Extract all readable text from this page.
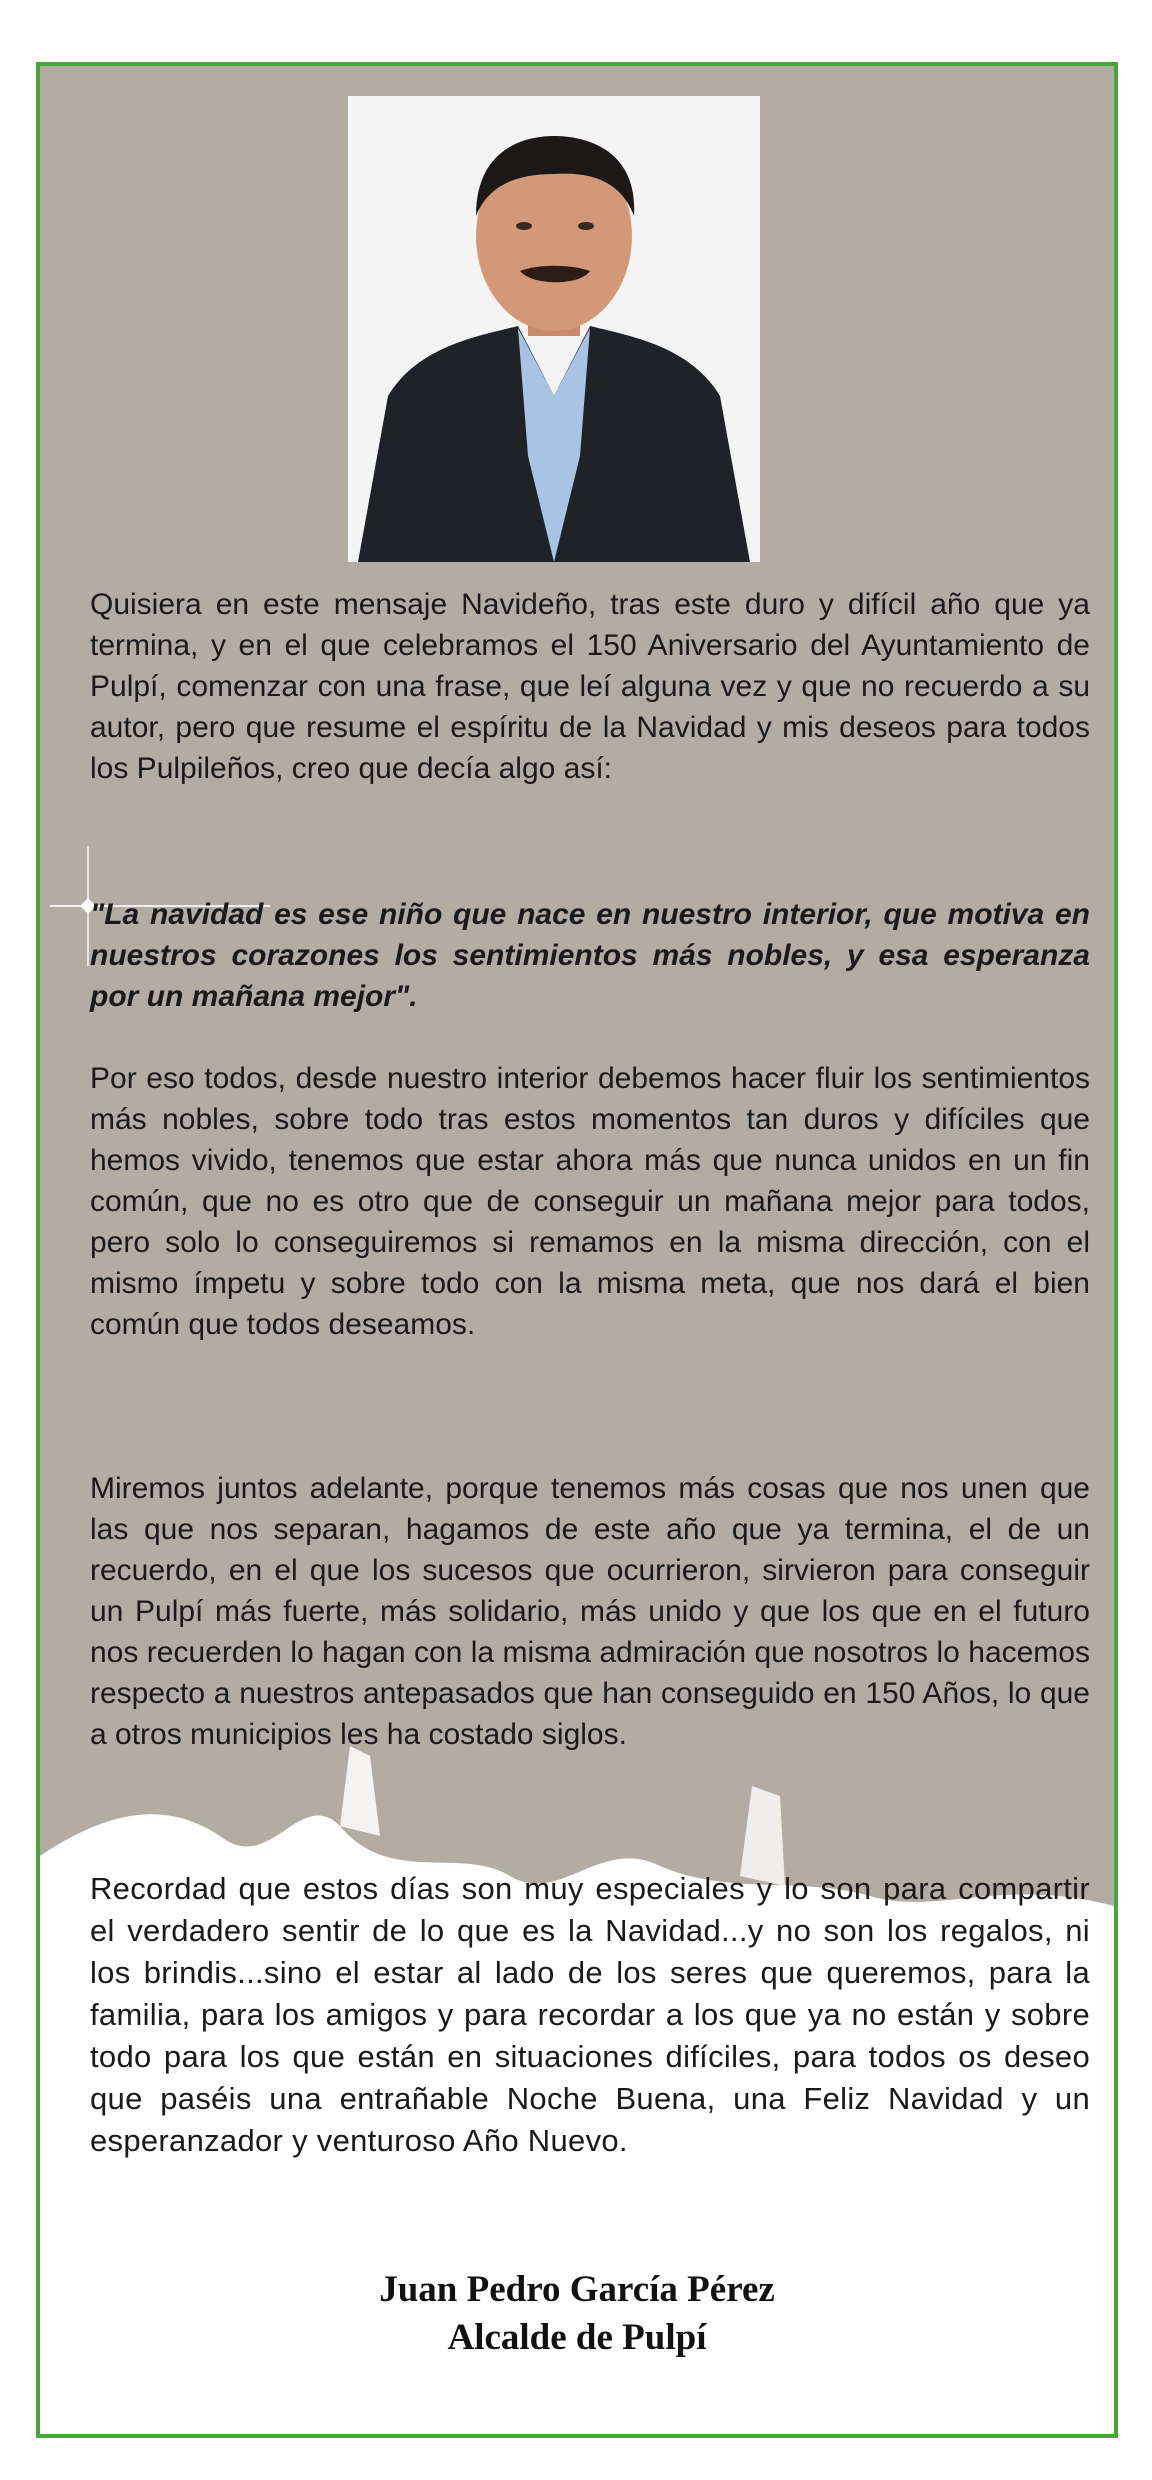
Quisiera en este mensaje Navideño, tras este duro y difícil año que ya termina, y en el que celebramos el 150 Aniversario del Ayuntamiento de Pulpí, comenzar con una frase, que leí alguna vez y que no recuerdo a su autor, pero que resume el espíritu de la Navidad y mis deseos para todos los Pulpileños, creo que decía algo así:

"La navidad es ese niño que nace en nuestro interior, que motiva en nuestros corazones los sentimientos más nobles, y esa esperanza por un mañana mejor".

Por eso todos, desde nuestro interior debemos hacer fluir los sentimientos más nobles, sobre todo tras estos momentos tan duros y difíciles que hemos vivido, tenemos que estar ahora más que nunca unidos en un fin común, que no es otro que de conseguir un mañana mejor para todos, pero solo lo conseguiremos si remamos en la misma dirección, con el mismo ímpetu y sobre todo con la misma meta, que nos dará el bien común que todos deseamos.

Miremos juntos adelante, porque tenemos más cosas que nos unen que las que nos separan, hagamos de este año que ya termina, el de un recuerdo, en el que los sucesos que ocurrieron, sirvieron para conseguir un Pulpí más fuerte, más solidario, más unido y que los que en el futuro nos recuerden lo hagan con la misma admiración que nosotros lo hacemos respecto a nuestros antepasados que han conseguido en 150 Años, lo que a otros municipios les ha costado siglos.

Recordad que estos días son muy especiales y lo son para compartir el verdadero sentir de lo que es la Navidad...y no son los regalos, ni los brindis...sino el estar al lado de los seres que queremos, para la familia, para los amigos y para recordar a los que ya no están y sobre todo para los que están en situaciones difíciles, para todos os deseo que paséis una entrañable Noche Buena, una Feliz Navidad y un esperanzador y venturoso Año Nuevo.

Juan Pedro García Pérez
Alcalde de Pulpí
